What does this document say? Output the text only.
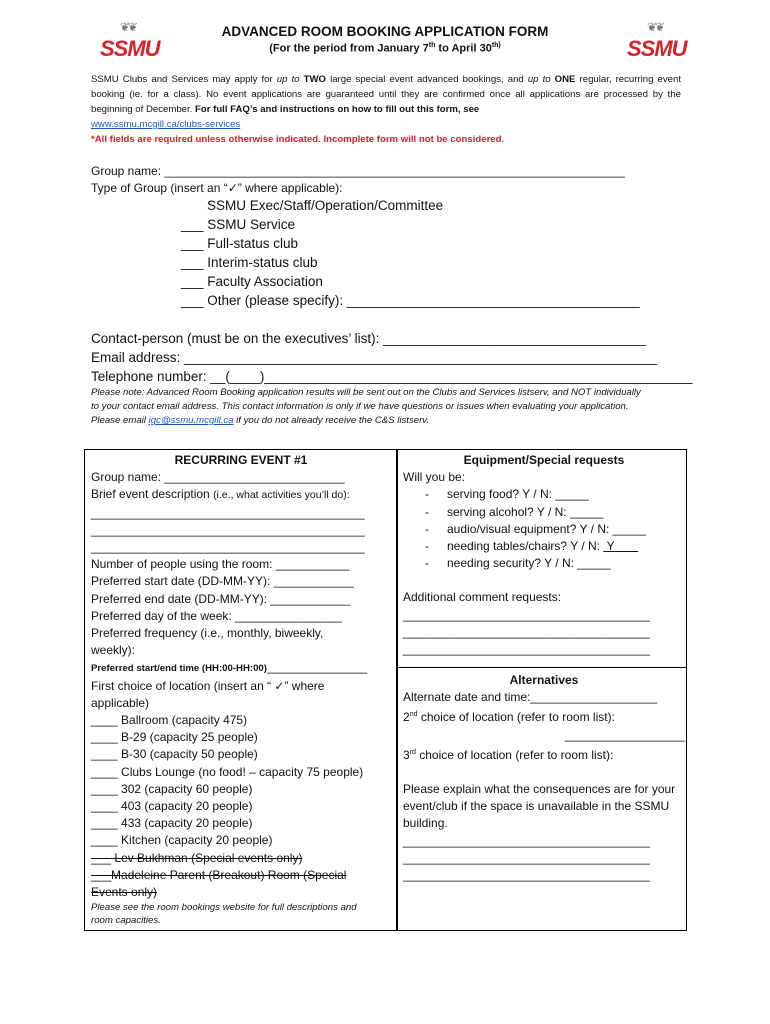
❦❦
SSMU
❦❦
SSMU
ADVANCED ROOM BOOKING APPLICATION FORM
(For the period from January 7th to April $30^{th)}$
SSMU Clubs and Services may apply for up to TWO large special event advanced bookings, and up to ONE regular, recurring event booking (ie. for a class). No event applications are guaranteed until they are confirmed once all applications are processed by the beginning of December. For full FAQ’s and instructions on how to fill out this form, see
www.ssmu.mcgill.ca/clubs-services
*All fields are required unless otherwise indicated. Incomplete form will not be considered.
Group name: _____________________________________________________________________
Type of Group (insert an “✓” where applicable):
SSMU Exec/Staff/Operation/Committee
___ SSMU Service
___ Full-status club
___ Interim-status club
___ Faculty Association
___ Other (please specify): _______________________________________
Contact-person (must be on the executives’ list): ___________________________________
Email address: _______________________________________________________________
Telephone number: __(____)_________________________________________________________
Please note: Advanced Room Booking application results will be sent out on the Clubs and Services listserv, and NOT individually
to your contact email address. This contact information is only if we have questions or issues when evaluating your application.
Please email igc@ssmu.mcgill.ca if you do not already receive the C&S listserv.
RECURRING EVENT #1
Group name: ___________________________
Brief event description (i.e., what activities you’ll do):
_________________________________________
_________________________________________
_________________________________________
Number of people using the room: ___________
Preferred start date (DD-MM-YY): ____________
Preferred end date (DD-MM-YY): ____________
Preferred day of the week: ________________
Preferred frequency (i.e., monthly, biweekly,
weekly):
Preferred start/end time (HH:00-HH:00)_______________
First choice of location (insert an “ ✓” where
applicable)
____ Ballroom (capacity 475)
____ B-29 (capacity 25 people)
____ B-30 (capacity 50 people)
____ Clubs Lounge (no food! – capacity 75 people)
____ 302 (capacity 60 people)
____ 403 (capacity 20 people)
____ 433 (capacity 20 people)
____ Kitchen (capacity 20 people)
___ Lev Bukhman (Special events only)
___Madeleine Parent (Breakout) Room (Special
Events only)
Please see the room bookings website for full descriptions and
room capacities.
Equipment/Special requests
Will you be:
- serving food? Y / N: _____
- serving alcohol? Y / N: _____
- audio/visual equipment? Y / N: _____
- needing tables/chairs? Y / N:  Y
- needing security? Y / N: _____
Additional comment requests:
_____________________________________
_____________________________________
_____________________________________
Alternatives
Alternate date and time:___________________
2nd choice of location (refer to room list):
__________________
3rd choice of location (refer to room list):
Please explain what the consequences are for your event/club if the space is unavailable in the SSMU building.
_____________________________________
_____________________________________
_____________________________________
